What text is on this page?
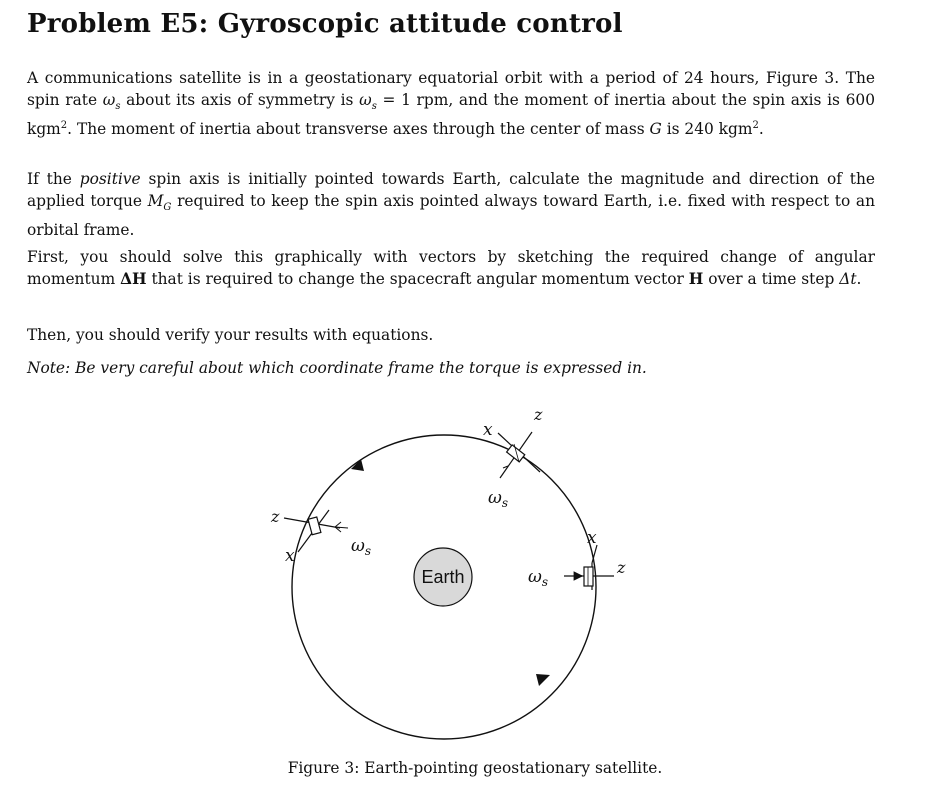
Problem E5: Gyroscopic attitude control

A communications satellite is in a geostationary equatorial orbit with a period of 24 hours, Figure 3. The spin rate $\omega_s$ about its axis of symmetry is $\omega_s = 1$ rpm, and the moment of inertia about the spin axis is 600 kgm$^2$. The moment of inertia about transverse axes through the center of mass G is 240 kgm$^2$.

If the positive spin axis is initially pointed towards Earth, calculate the magnitude and direction of the applied torque $M_G$ required to keep the spin axis pointed always toward Earth, i.e. fixed with respect to an orbital frame.

First, you should solve this graphically with vectors by sketching the required change of angular momentum ΔH that is required to change the spacecraft angular momentum vector H over a time step Δt.

Then, you should verify your results with equations.

Note: Be very careful about which coordinate frame the torque is expressed in.

Earth
x
z
$\omega_s$
z
x	$\omega_s$
x
z
$\omega_s$
Figure 3: Earth-pointing geostationary satellite.
